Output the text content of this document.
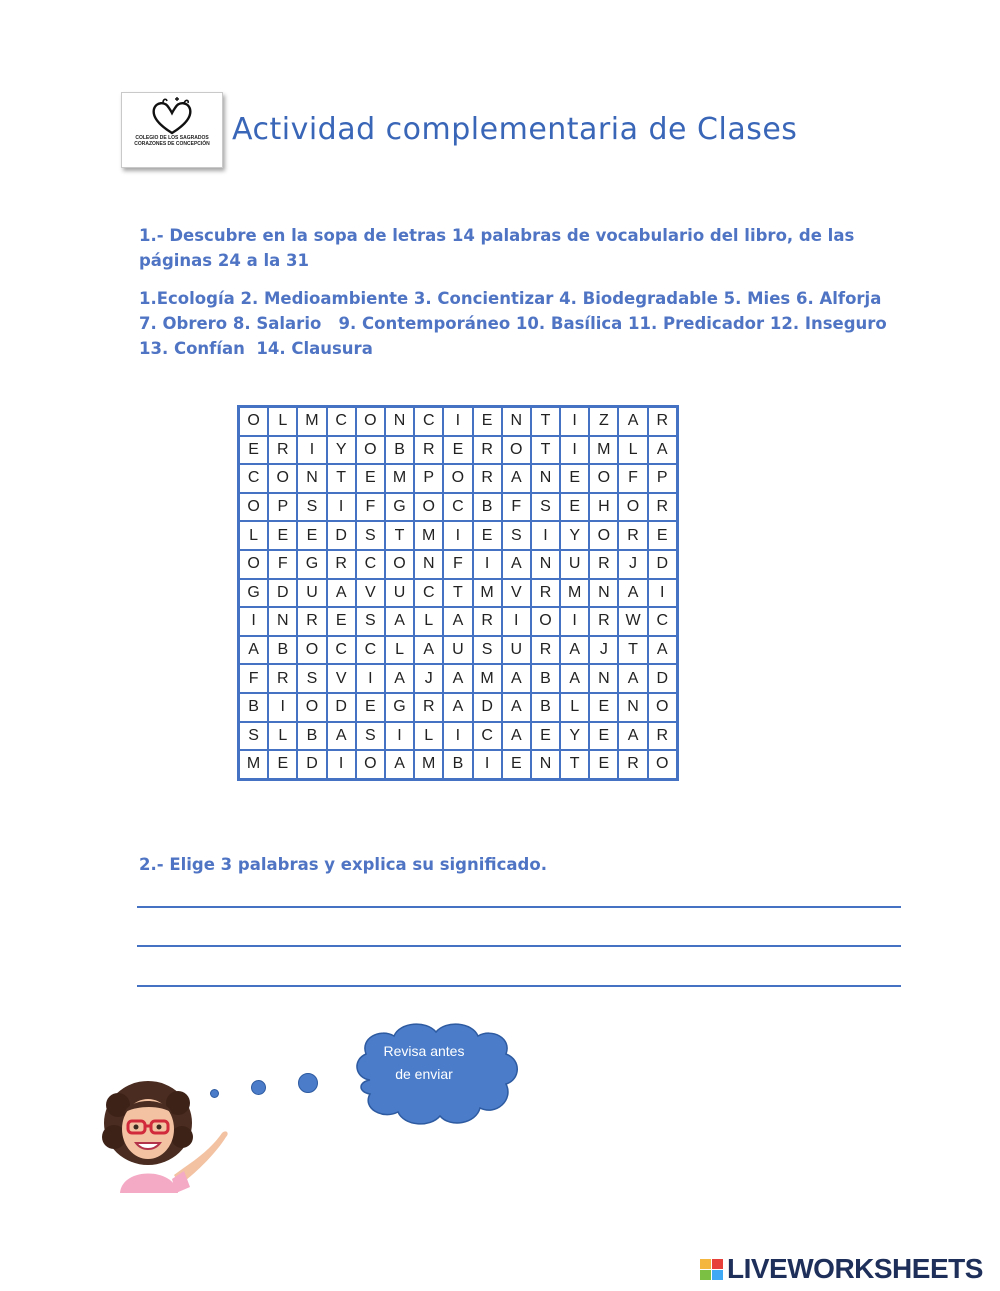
COLEGIO DE LOS SAGRADOS CORAZONES DE CONCEPCIÓN Actividad complementaria de Clases
1.- Descubre en la sopa de letras 14 palabras de vocabulario del libro, de las páginas 24 a la 31
1.Ecología 2. Medioambiente 3. Concientizar 4. Biodegradable 5. Mies 6. Alforja
7. Obrero 8. Salario   9. Contemporáneo 10. Basílica 11. Predicador 12. Inseguro
13. Confían  14. Clausura
O	L	M	C	O	N	C	I	E	N	T	I	Z	A	R
E	R	I	Y	O	B	R	E	R	O	T	I	M	L	A
C	O	N	T	E	M	P	O	R	A	N	E	O	F	P
O	P	S	I	F	G	O	C	B	F	S	E	H	O	R
L	E	E	D	S	T	M	I	E	S	I	Y	O	R	E
O	F	G	R	C	O	N	F	I	A	N	U	R	J	D
G	D	U	A	V	U	C	T	M	V	R	M	N	A	I
I	N	R	E	S	A	L	A	R	I	O	I	R	W	C
A	B	O	C	C	L	A	U	S	U	R	A	J	T	A
F	R	S	V	I	A	J	A	M	A	B	A	N	A	D
B	I	O	D	E	G	R	A	D	A	B	L	E	N	O
S	L	B	A	S	I	L	I	C	A	E	Y	E	A	R
M	E	D	I	O	A	M	B	I	E	N	T	E	R	O
2.- Elige 3 palabras y explica su significado.
Revisa antes
de enviar
LIVEWORKSHEETS
